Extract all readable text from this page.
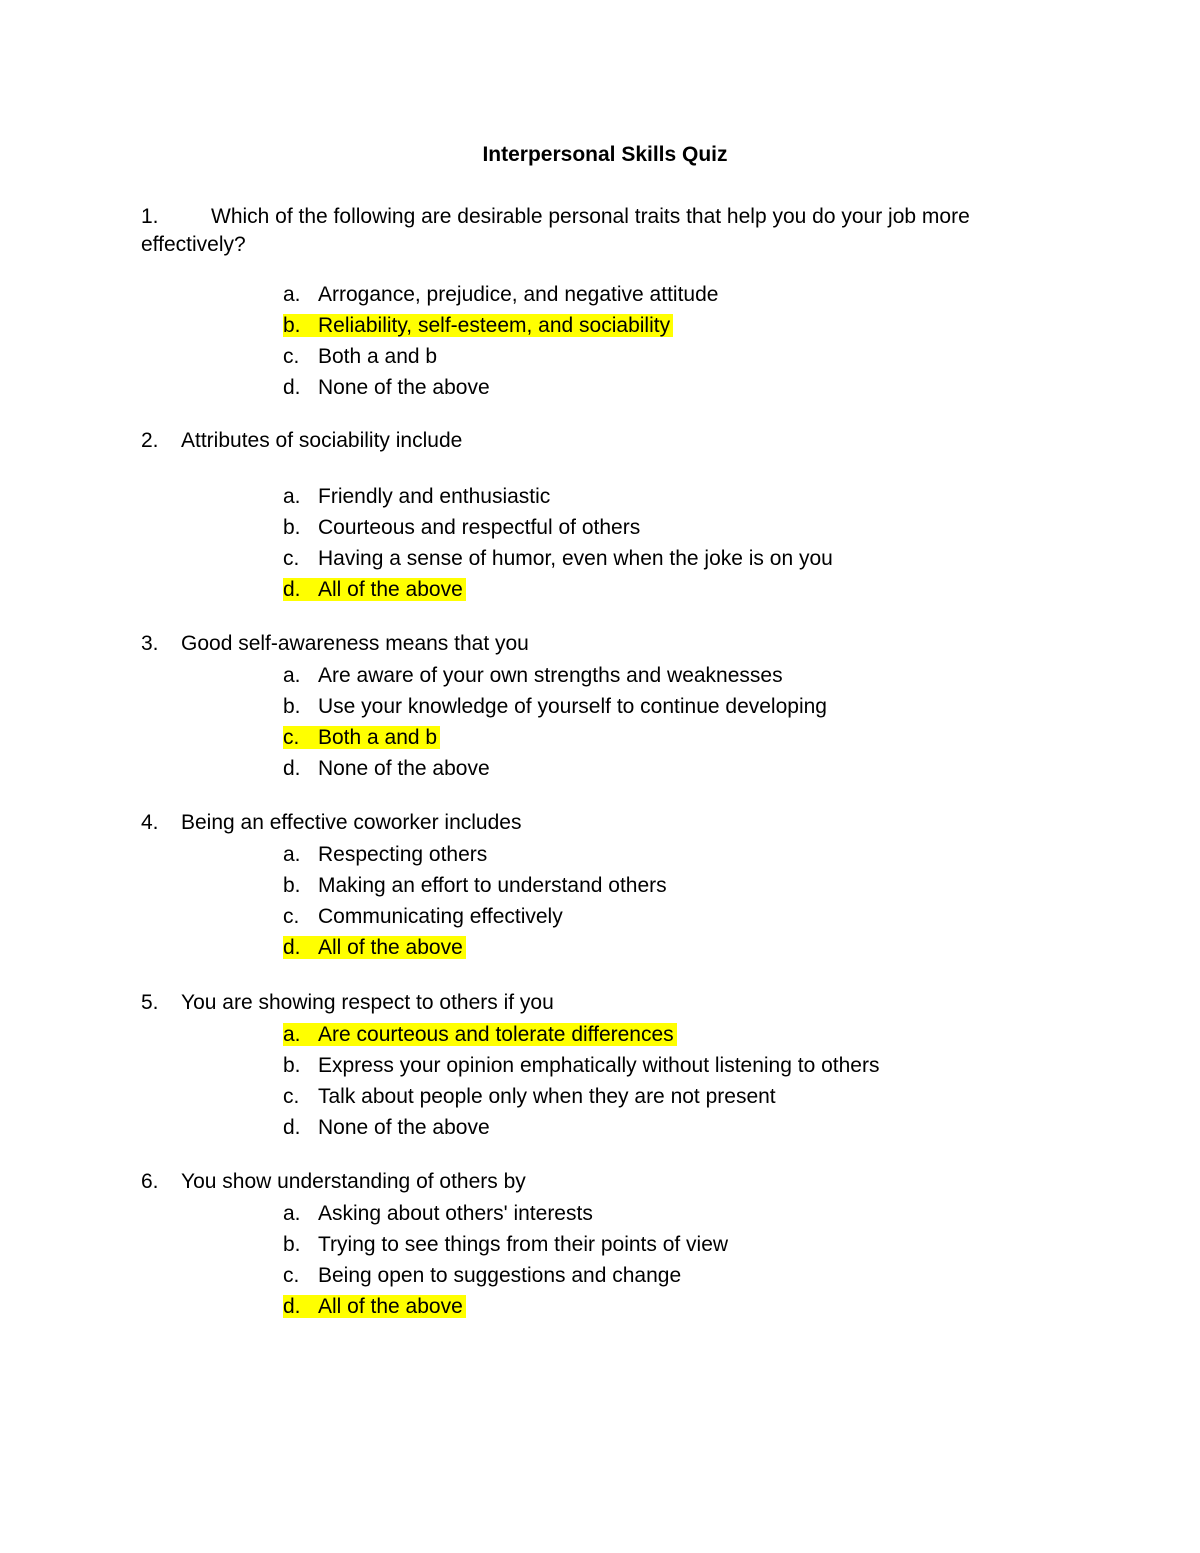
Interpersonal Skills Quiz
1. Which of the following are desirable personal traits that help you do your job more effectively?
a. Arrogance, prejudice, and negative attitude
b. Reliability, self-esteem, and sociability
c. Both a and b
d. None of the above
2. Attributes of sociability include
a. Friendly and enthusiastic
b. Courteous and respectful of others
c. Having a sense of humor, even when the joke is on you
d. All of the above
3. Good self-awareness means that you
a. Are aware of your own strengths and weaknesses
b. Use your knowledge of yourself to continue developing
c. Both a and b
d. None of the above
4. Being an effective coworker includes
a. Respecting others
b. Making an effort to understand others
c. Communicating effectively
d. All of the above
5. You are showing respect to others if you
a. Are courteous and tolerate differences
b. Express your opinion emphatically without listening to others
c. Talk about people only when they are not present
d. None of the above
6. You show understanding of others by
a. Asking about others' interests
b. Trying to see things from their points of view
c. Being open to suggestions and change
d. All of the above
